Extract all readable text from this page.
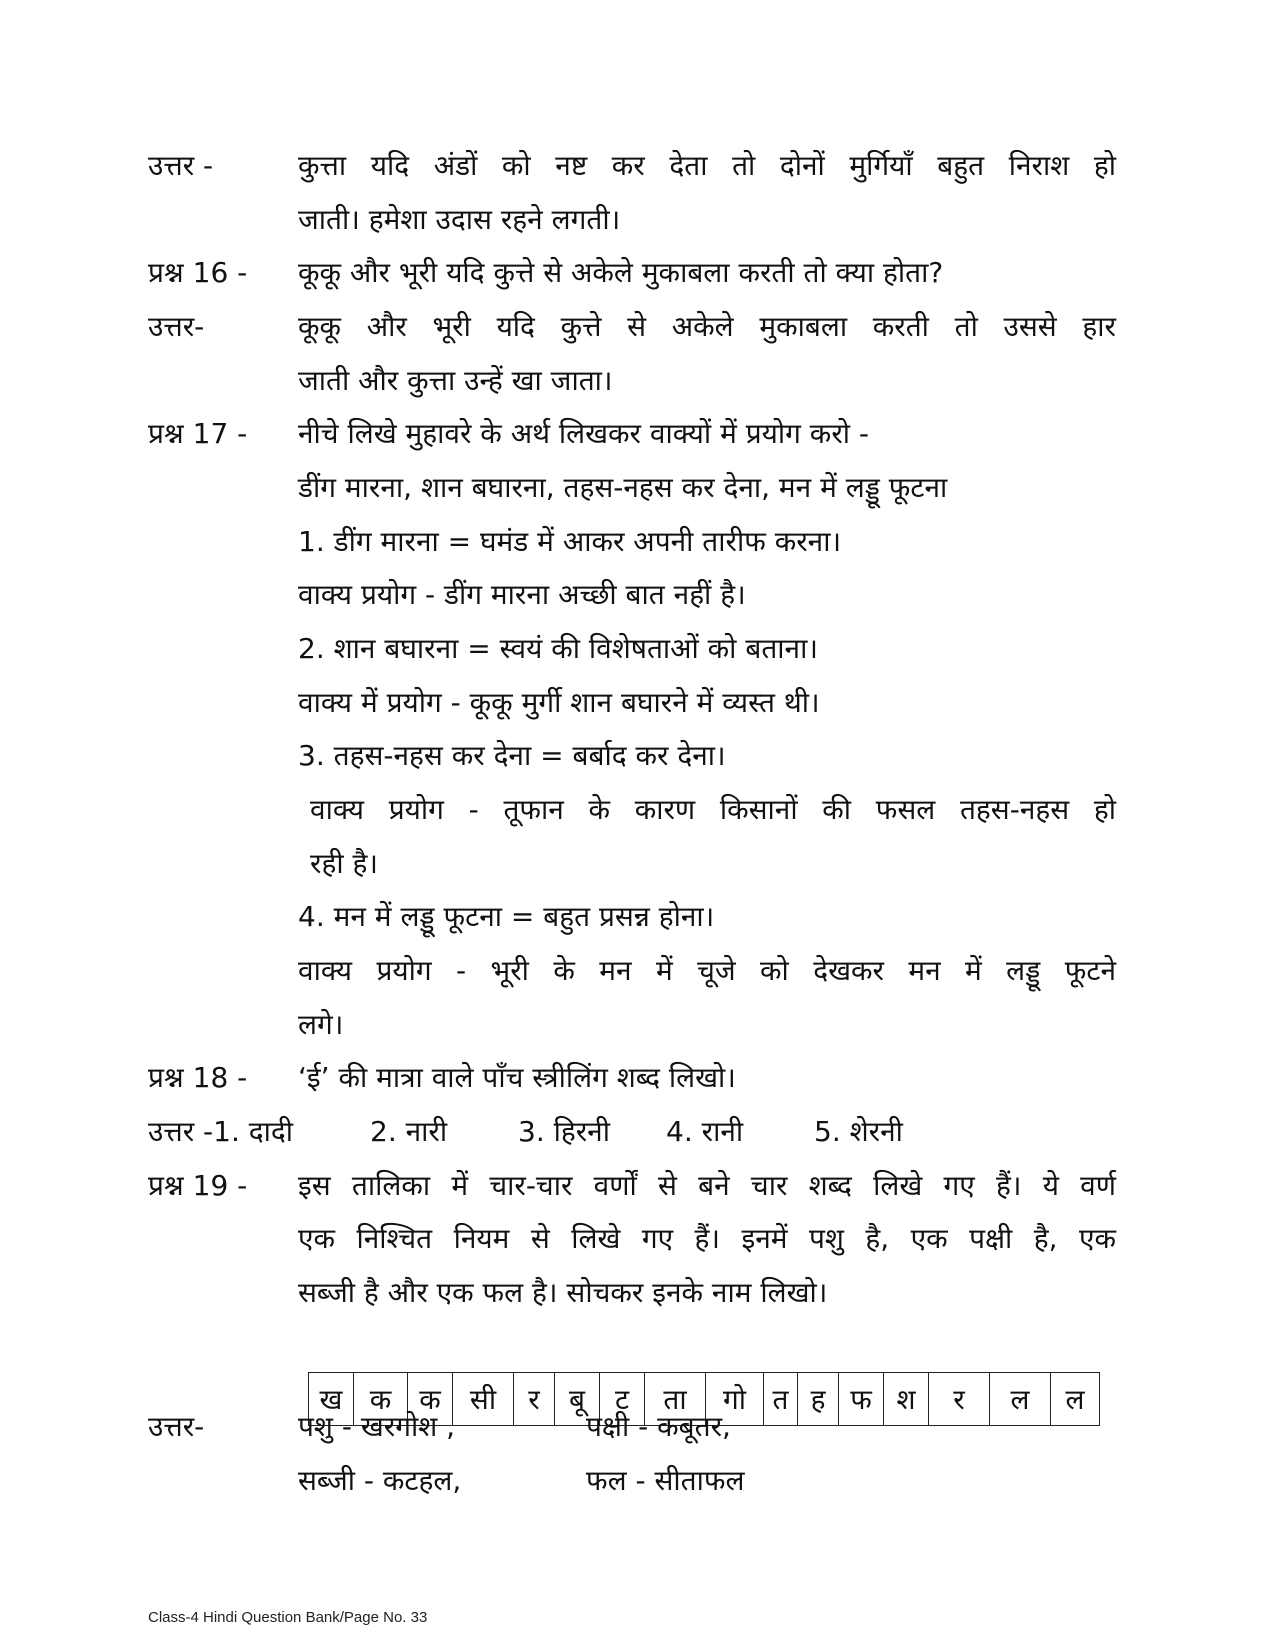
उत्तर -	कुत्ता यदि अंडों को नष्ट कर देता तो दोनों मुर्गियाँ बहुत निराश हो
जाती। हमेशा उदास रहने लगती।
प्रश्न 16 - कूकू और भूरी यदि कुत्ते से अकेले मुकाबला करती तो क्या होता?
उत्तर-	कूकू और भूरी यदि कुत्ते से अकेले मुकाबला करती तो उससे हार
जाती और कुत्ता उन्हें खा जाता।
प्रश्न 17 - नीचे लिखे मुहावरे के अर्थ लिखकर वाक्यों में प्रयोग करो -
डींग मारना, शान बघारना, तहस-नहस कर देना, मन में लड्डू फूटना
1. डींग मारना = घमंड में आकर अपनी तारीफ करना।
वाक्य प्रयोग - डींग मारना अच्छी बात नहीं है।
2. शान बघारना = स्वयं की विशेषताओं को बताना।
वाक्य में प्रयोग - कूकू मुर्गी शान बघारने में व्यस्त थी।
3. तहस-नहस कर देना = बर्बाद कर देना।
वाक्य प्रयोग - तूफान के कारण किसानों की फसल तहस-नहस हो
रही है।
4. मन में लड्डू फूटना = बहुत प्रसन्न होना।
वाक्य प्रयोग - भूरी के मन में चूजे को देखकर मन में लड्डू फूटने
लगे।
प्रश्न 18 - ‘ई’ की मात्रा वाले पाँच स्त्रीलिंग शब्द लिखो।
उत्तर -1. दादी	2. नारी	3. हिरनी 4. रानी	5. शेरनी
प्रश्न 19 - इस तालिका में चार-चार वर्णों से बने चार शब्द लिखे गए हैं। ये वर्ण
एक निश्चित नियम से लिखे गए हैं। इनमें पशु है, एक पक्षी है, एक
सब्जी है और एक फल है। सोचकर इनके नाम लिखो।
ख	क	क	सी	र	बू	ट	ता	गो	त	ह	फ	श	र	ल	ल
उत्तर-	पशु - खरगोश ,	पक्षी - कबूतर,
सब्जी - कटहल,	फल - सीताफल
Class-4 Hindi Question Bank/Page No. 33
